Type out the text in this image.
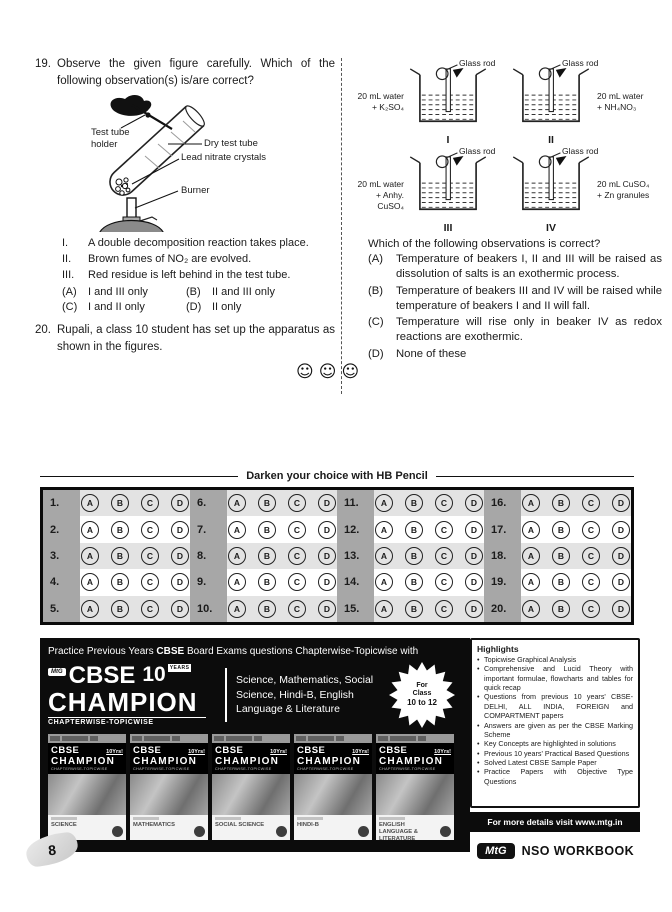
19. Observe the given figure carefully. Which of the following observation(s) is/are correct?
Test tube holder	Dry test tube
Lead nitrate crystals
Burner
I.	A double decomposition reaction takes place.
II.	Brown fumes of NO₂ are evolved.
III.	Red residue is left behind in the test tube.
(A)	I and III only	(B)	II and III only
(C) I and II only	(D) II only
20. Rupali, a class 10 student has set up the apparatus as shown in the figures.
☺☺☺
20 mL water
+ K₂SO₄
Glass rod
I
20 mL water
+ NH₄NO₃
Glass rod
II
20 mL water
+ Anhy. CuSO₄
Glass rod
III
20 mL CuSO₄
+ Zn granules
Glass rod
IV
Which of the following observations is correct?
(A)	Temperature of beakers I, II and III will be raised as dissolution of salts is an exothermic process.
(B)	Temperature of beakers III and IV will be raised while temperature of beakers I and II will fall.
(C)	Temperature will rise only in beaker IV as redox reactions are exothermic.
(D)	None of these
Darken your choice with HB Pencil
1.	A	B	C	D	6.	A	B	C	D	11.	A	B	C	D	16.	A	B	C	D
2.	A	B	C	D	7.	A	B	C	D	12.	A	B	C	D	17.	A	B	C	D
3.	A	B	C	D	8.	A	B	C	D	13.	A	B	C	D	18.	A	B	C	D
4.	A	B	C	D	9.	A	B	C	D	14.	A	B	C	D	19.	A	B	C	D
5.	A	B	C	D	10.	A	B	C	D	15.	A	B	C	D	20.	A	B	C	D
Practice Previous Years CBSE Board Exams questions Chapterwise-Topicwise with
MtG CBSE 10 YEARS
CHAMPION
CHAPTERWISE-TOPICWISE
Science, Mathematics, Social Science, Hindi-B, English Language & Literature
For
Class
10 to 12
CBSE	10Yrs!
CHAMPION
CHAPTERWISE-TOPICWISE
SCIENCE
CBSE	10Yrs!
CHAMPION
CHAPTERWISE-TOPICWISE
MATHEMATICS
CBSE	10Yrs!
CHAMPION
CHAPTERWISE-TOPICWISE
SOCIAL SCIENCE
CBSE	10Yrs!
CHAMPION
CHAPTERWISE-TOPICWISE
HINDI-B
CBSE	10Yrs!
CHAMPION
CHAPTERWISE-TOPICWISE
ENGLISH LANGUAGE & LITERATURE
Highlights
• Topicwise Graphical Analysis
• Comprehensive and Lucid Theory with important formulae, flowcharts and tables for quick recap
• Questions from previous 10 years' CBSE-DELHI, ALL INDIA, FOREIGN and COMPARTMENT papers
• Answers are given as per the CBSE Marking Scheme
• Key Concepts are highlighted in solutions
• Previous 10 years' Practical Based Questions
• Solved Latest CBSE Sample Paper
• Practice Papers with Objective Type Questions
For more details visit www.mtg.in
8	MtG	NSO WORKBOOK
